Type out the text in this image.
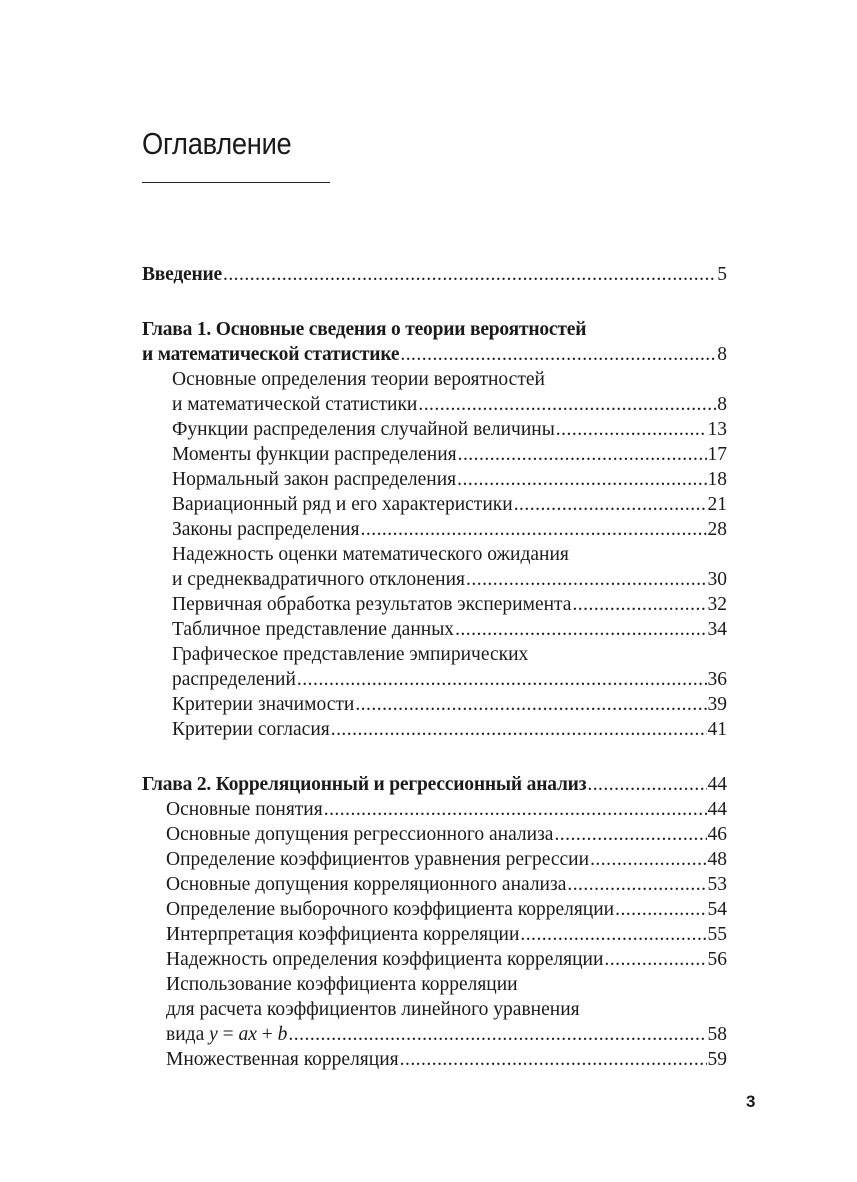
Оглавление
Введение . . .	5
Глава 1. Основные сведения о теории вероятностей
и математической статистике . . .	8
Основные определения теории вероятностей
и математической статистики . . .	8
Функции распределения случайной величины . . .	13
Моменты функции распределения . . .	17
Нормальный закон распределения . . .	18
Вариационный ряд и его характеристики . . .	21
Законы распределения . . .	28
Надежность оценки математического ожидания
и среднеквадратичного отклонения . . .	30
Первичная обработка результатов эксперимента . . .	32
Табличное представление данных . . .	34
Графическое представление эмпирических
распределений . . .	36
Критерии значимости . . .	39
Критерии согласия . . .	41
Глава 2. Корреляционный и регрессионный анализ . . .	44
Основные понятия . . .	44
Основные допущения регрессионного анализа . . .	46
Определение коэффициентов уравнения регрессии . . .	48
Основные допущения корреляционного анализа . . .	53
Определение выборочного коэффициента корреляции . . .	54
Интерпретация коэффициента корреляции . . .	55
Надежность определения коэффициента корреляции . . .	56
Использование коэффициента корреляции
для расчета коэффициентов линейного уравнения
вида y = ax + b . . .	58
Множественная корреляция . . .	59
3
